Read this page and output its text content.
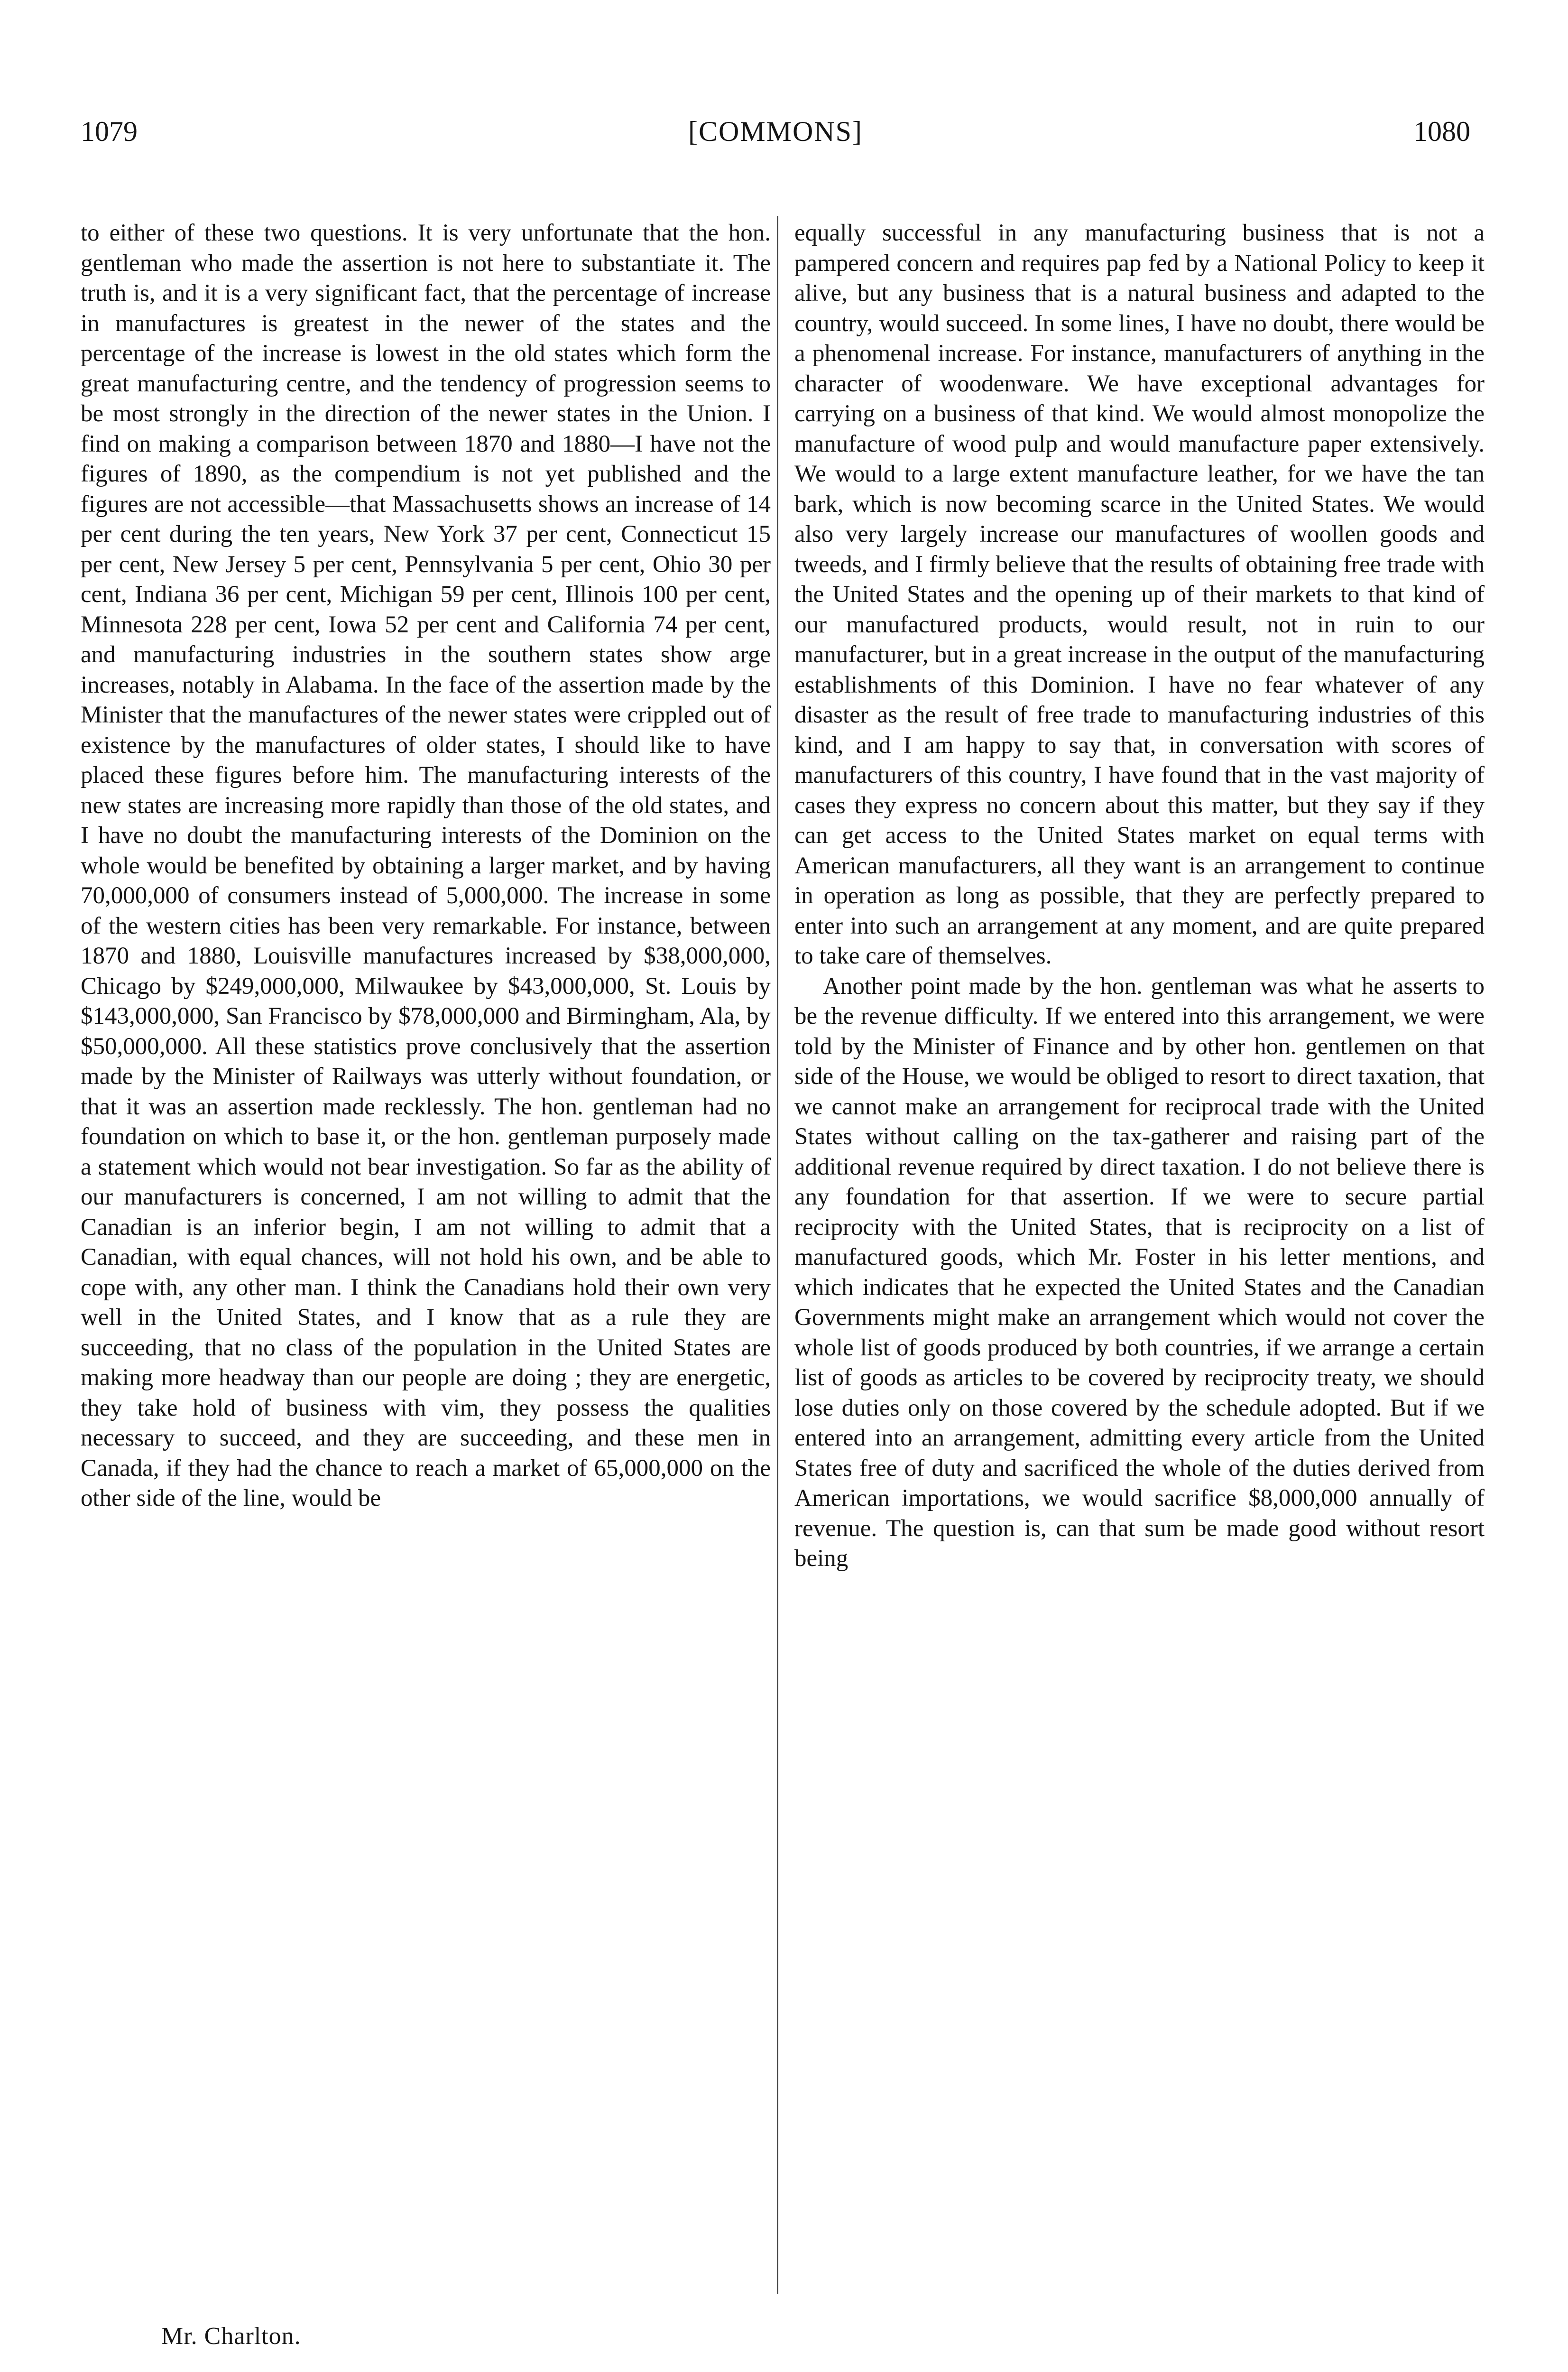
1079	[COMMONS]	1080

to either of these two questions. It is very unfortunate that the hon. gentleman who made the assertion is not here to substantiate it. The truth is, and it is a very significant fact, that the percentage of increase in manufactures is greatest in the newer of the states and the percentage of the increase is lowest in the old states which form the great manufacturing centre, and the tendency of progression seems to be most strongly in the direction of the newer states in the Union. I find on making a comparison between 1870 and 1880—I have not the figures of 1890, as the compendium is not yet published and the figures are not accessible—that Massachusetts shows an increase of 14 per cent during the ten years, New York 37 per cent, Connecticut 15 per cent, New Jersey 5 per cent, Pennsylvania 5 per cent, Ohio 30 per cent, Indiana 36 per cent, Michigan 59 per cent, Illinois 100 per cent, Minnesota 228 per cent, Iowa 52 per cent and California 74 per cent, and manufacturing industries in the southern states show arge increases, notably in Alabama. In the face of the assertion made by the Minister that the manufactures of the newer states were crippled out of existence by the manufactures of older states, I should like to have placed these figures before him. The manufacturing interests of the new states are increasing more rapidly than those of the old states, and I have no doubt the manufacturing interests of the Dominion on the whole would be benefited by obtaining a larger market, and by having 70,000,000 of consumers instead of 5,000,000. The increase in some of the western cities has been very remarkable. For instance, between 1870 and 1880, Louisville manufactures increased by $38,000,000, Chicago by $249,000,000, Milwaukee by $43,000,000, St. Louis by $143,000,000, San Francisco by $78,000,000 and Birmingham, Ala, by $50,000,000. All these statistics prove conclusively that the assertion made by the Minister of Railways was utterly without foundation, or that it was an assertion made recklessly. The hon. gentleman had no foundation on which to base it, or the hon. gentleman purposely made a statement which would not bear investigation. So far as the ability of our manufacturers is concerned, I am not willing to admit that the Canadian is an inferior begin, I am not willing to admit that a Canadian, with equal chances, will not hold his own, and be able to cope with, any other man. I think the Canadians hold their own very well in the United States, and I know that as a rule they are succeeding, that no class of the population in the United States are making more headway than our people are doing ; they are energetic, they take hold of business with vim, they possess the qualities necessary to succeed, and they are succeeding, and these men in Canada, if they had the chance to reach a market of 65,000,000 on the other side of the line, would be

equally successful in any manufacturing business that is not a pampered concern and requires pap fed by a National Policy to keep it alive, but any business that is a natural business and adapted to the country, would succeed. In some lines, I have no doubt, there would be a phenomenal increase. For instance, manufacturers of anything in the character of woodenware. We have exceptional advantages for carrying on a business of that kind. We would almost monopolize the manufacture of wood pulp and would manufacture paper extensively. We would to a large extent manufacture leather, for we have the tan bark, which is now becoming scarce in the United States. We would also very largely increase our manufactures of woollen goods and tweeds, and I firmly believe that the results of obtaining free trade with the United States and the opening up of their markets to that kind of our manufactured products, would result, not in ruin to our manufacturer, but in a great increase in the output of the manufacturing establishments of this Dominion. I have no fear whatever of any disaster as the result of free trade to manufacturing industries of this kind, and I am happy to say that, in conversation with scores of manufacturers of this country, I have found that in the vast majority of cases they express no concern about this matter, but they say if they can get access to the United States market on equal terms with American manufacturers, all they want is an arrangement to continue in operation as long as possible, that they are perfectly prepared to enter into such an arrangement at any moment, and are quite prepared to take care of themselves.

Another point made by the hon. gentleman was what he asserts to be the revenue difficulty. If we entered into this arrangement, we were told by the Minister of Finance and by other hon. gentlemen on that side of the House, we would be obliged to resort to direct taxation, that we cannot make an arrangement for reciprocal trade with the United States without calling on the tax-gatherer and raising part of the additional revenue required by direct taxation. I do not believe there is any foundation for that assertion. If we were to secure partial reciprocity with the United States, that is reciprocity on a list of manufactured goods, which Mr. Foster in his letter mentions, and which indicates that he expected the United States and the Canadian Governments might make an arrangement which would not cover the whole list of goods produced by both countries, if we arrange a certain list of goods as articles to be covered by reciprocity treaty, we should lose duties only on those covered by the schedule adopted. But if we entered into an arrangement, admitting every article from the United States free of duty and sacrificed the whole of the duties derived from American importations, we would sacrifice $8,000,000 annually of revenue. The question is, can that sum be made good without resort being

Mr. Charlton.
